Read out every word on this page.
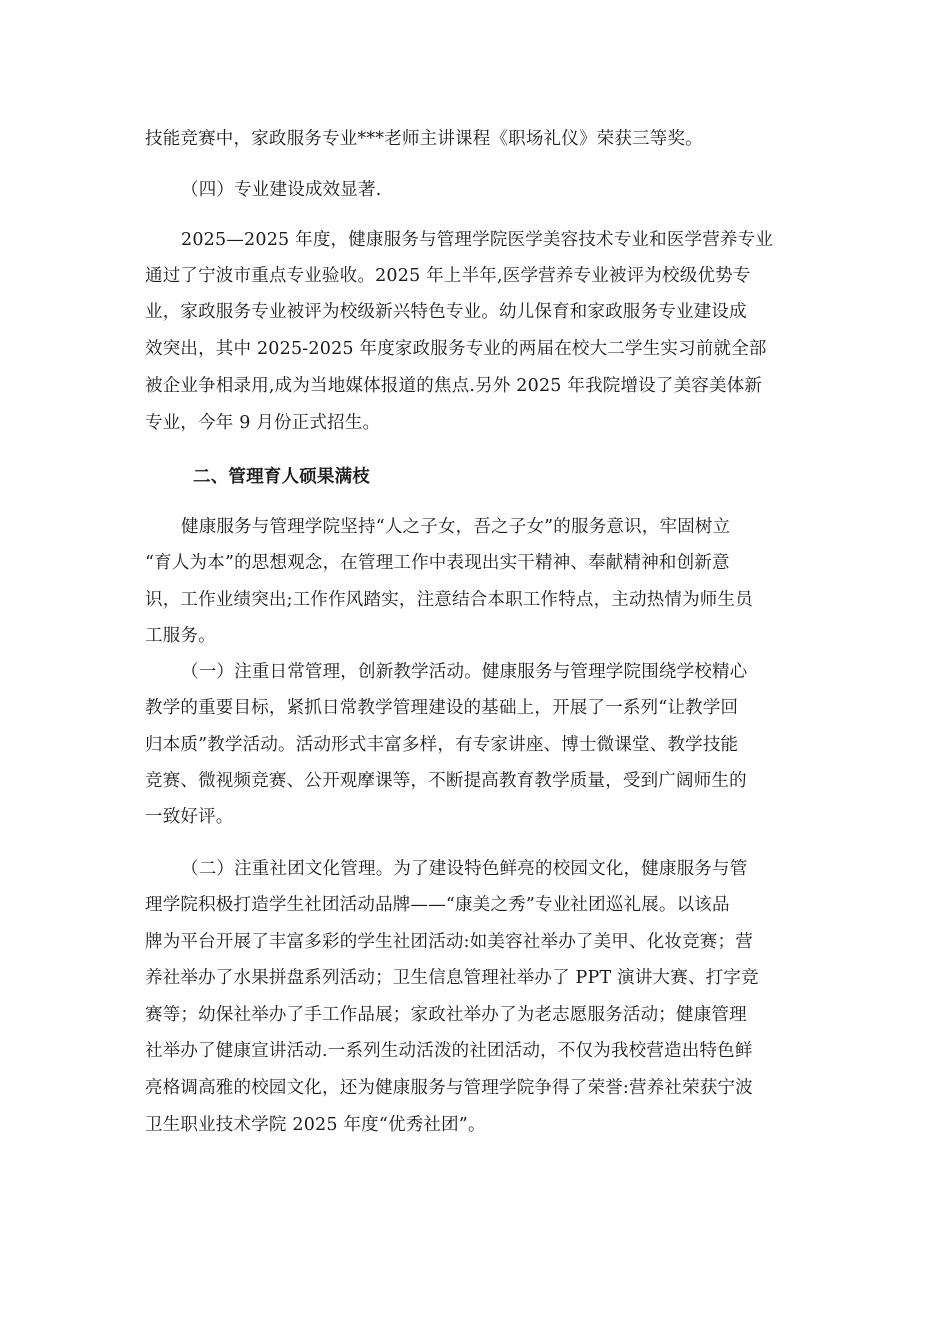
技能竞赛中，家政服务专业***老师主讲课程《职场礼仪》荣获三等奖。
（四）专业建设成效显著.
2025—2025 年度，健康服务与管理学院医学美容技术专业和医学营养专业
通过了宁波市重点专业验收。2025 年上半年,医学营养专业被评为校级优势专
业，家政服务专业被评为校级新兴特色专业。幼儿保育和家政服务专业建设成
效突出，其中 2025-2025 年度家政服务专业的两届在校大二学生实习前就全部
被企业争相录用,成为当地媒体报道的焦点.另外 2025 年我院增设了美容美体新
专业，今年 9 月份正式招生。
二、管理育人硕果满枝
健康服务与管理学院坚持“人之子女，吾之子女”的服务意识，牢固树立
“育人为本”的思想观念，在管理工作中表现出实干精神、奉献精神和创新意
识，工作业绩突出;工作作风踏实，注意结合本职工作特点，主动热情为师生员
工服务。
（一）注重日常管理，创新教学活动。健康服务与管理学院围绕学校精心
教学的重要目标，紧抓日常教学管理建设的基础上，开展了一系列“让教学回
归本质”教学活动。活动形式丰富多样，有专家讲座、博士微课堂、教学技能
竞赛、微视频竞赛、公开观摩课等，不断提高教育教学质量，受到广阔师生的
一致好评。
（二）注重社团文化管理。为了建设特色鲜亮的校园文化，健康服务与管
理学院积极打造学生社团活动品牌——“康美之秀”专业社团巡礼展。以该品
牌为平台开展了丰富多彩的学生社团活动:如美容社举办了美甲、化妆竞赛；营
养社举办了水果拼盘系列活动；卫生信息管理社举办了 PPT 演讲大赛、打字竞
赛等；幼保社举办了手工作品展；家政社举办了为老志愿服务活动；健康管理
社举办了健康宣讲活动.一系列生动活泼的社团活动，不仅为我校营造出特色鲜
亮格调高雅的校园文化，还为健康服务与管理学院争得了荣誉:营养社荣获宁波
卫生职业技术学院 2025 年度“优秀社团”。
